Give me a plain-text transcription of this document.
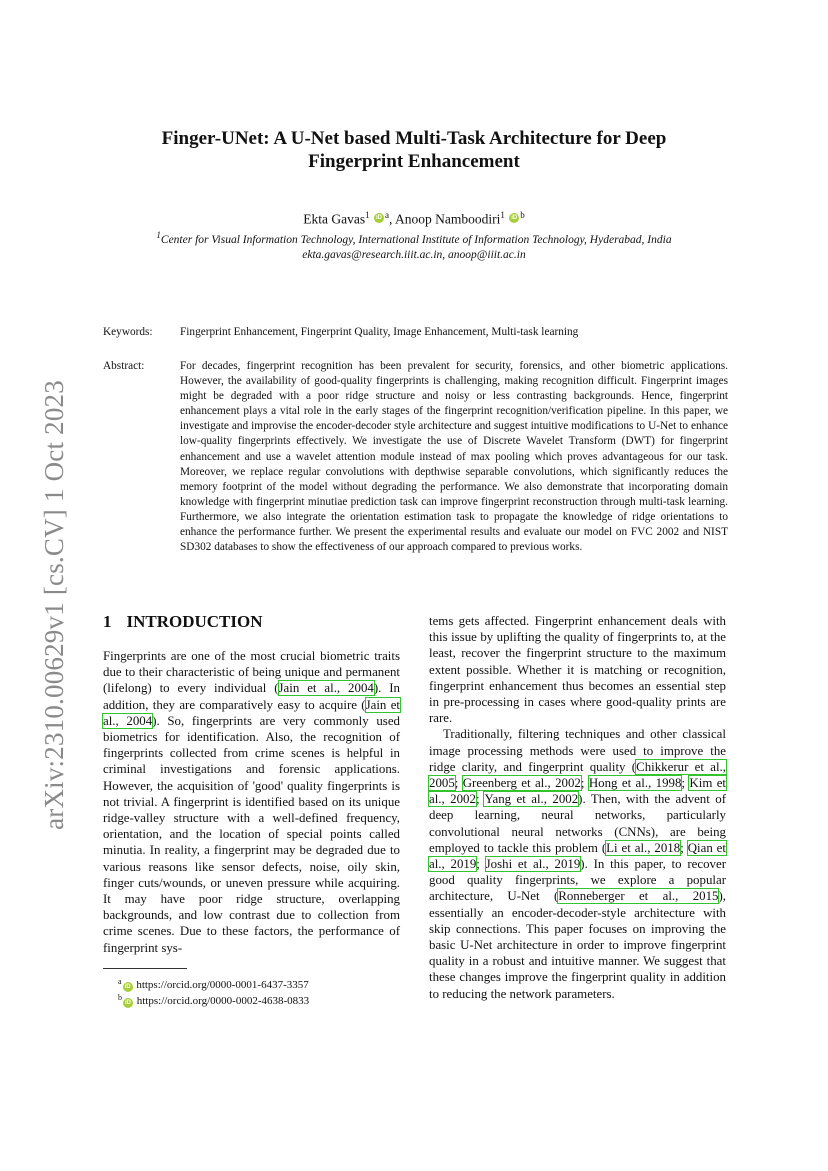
arXiv:2310.00629v1 [cs.CV] 1 Oct 2023
Finger-UNet: A U-Net based Multi-Task Architecture for Deep
Fingerprint Enhancement
Ekta Gavas$^1$ iD $^a$, Anoop Namboodiri$^1$ iD $^b$
$^1$Center for Visual Information Technology, International Institute of Information Technology, Hyderabad, India
ekta.gavas@research.iiit.ac.in, anoop@iiit.ac.in
Keywords:	Fingerprint Enhancement, Fingerprint Quality, Image Enhancement, Multi-task learning
Abstract:	For decades, fingerprint recognition has been prevalent for security, forensics, and other biometric applications. However, the availability of good-quality fingerprints is challenging, making recognition difficult. Fingerprint images might be degraded with a poor ridge structure and noisy or less contrasting backgrounds. Hence, fingerprint enhancement plays a vital role in the early stages of the fingerprint recognition/verification pipeline. In this paper, we investigate and improvise the encoder-decoder style architecture and suggest intuitive modifications to U-Net to enhance low-quality fingerprints effectively. We investigate the use of Discrete Wavelet Transform (DWT) for fingerprint enhancement and use a wavelet attention module instead of max pooling which proves advantageous for our task. Moreover, we replace regular convolutions with depthwise separable convolutions, which significantly reduces the memory footprint of the model without degrading the performance. We also demonstrate that incorporating domain knowledge with fingerprint minutiae prediction task can improve fingerprint reconstruction through multi-task learning. Furthermore, we also integrate the orientation estimation task to propagate the knowledge of ridge orientations to enhance the performance further. We present the experimental results and evaluate our model on FVC 2002 and NIST SD302 databases to show the effectiveness of our approach compared to previous works.
1 INTRODUCTION

Fingerprints are one of the most crucial biometric traits due to their characteristic of being unique and permanent (lifelong) to every individual (Jain et al., 2004). In addition, they are comparatively easy to acquire (Jain et al., 2004). So, fingerprints are very commonly used biometrics for identification. Also, the recognition of fingerprints collected from crime scenes is helpful in criminal investigations and forensic applications. However, the acquisition of 'good' quality fingerprints is not trivial. A fingerprint is identified based on its unique ridge-valley structure with a well-defined frequency, orientation, and the location of special points called minutia. In reality, a fingerprint may be degraded due to various reasons like sensor defects, noise, oily skin, finger cuts/wounds, or uneven pressure while acquiring. It may have poor ridge structure, overlapping backgrounds, and low contrast due to collection from crime scenes. Due to these factors, the performance of fingerprint sys-

tems gets affected. Fingerprint enhancement deals with this issue by uplifting the quality of fingerprints to, at the least, recover the fingerprint structure to the maximum extent possible. Whether it is matching or recognition, fingerprint enhancement thus becomes an essential step in pre-processing in cases where good-quality prints are rare.

Traditionally, filtering techniques and other classical image processing methods were used to improve the ridge clarity, and fingerprint quality (Chikkerur et al., 2005; Greenberg et al., 2002; Hong et al., 1998; Kim et al., 2002; Yang et al., 2002). Then, with the advent of deep learning, neural networks, particularly convolutional neural networks (CNNs), are being employed to tackle this problem (Li et al., 2018; Qian et al., 2019; Joshi et al., 2019). In this paper, to recover good quality fingerprints, we explore a popular architecture, U-Net (Ronneberger et al., 2015), essentially an encoder-decoder-style architecture with skip connections. This paper focuses on improving the basic U-Net architecture in order to improve fingerprint quality in a robust and intuitive manner. We suggest that these changes improve the fingerprint quality in addition to reducing the network parameters.

$^a$iD https://orcid.org/0000-0001-6437-3357
$^b$iD https://orcid.org/0000-0002-4638-0833
